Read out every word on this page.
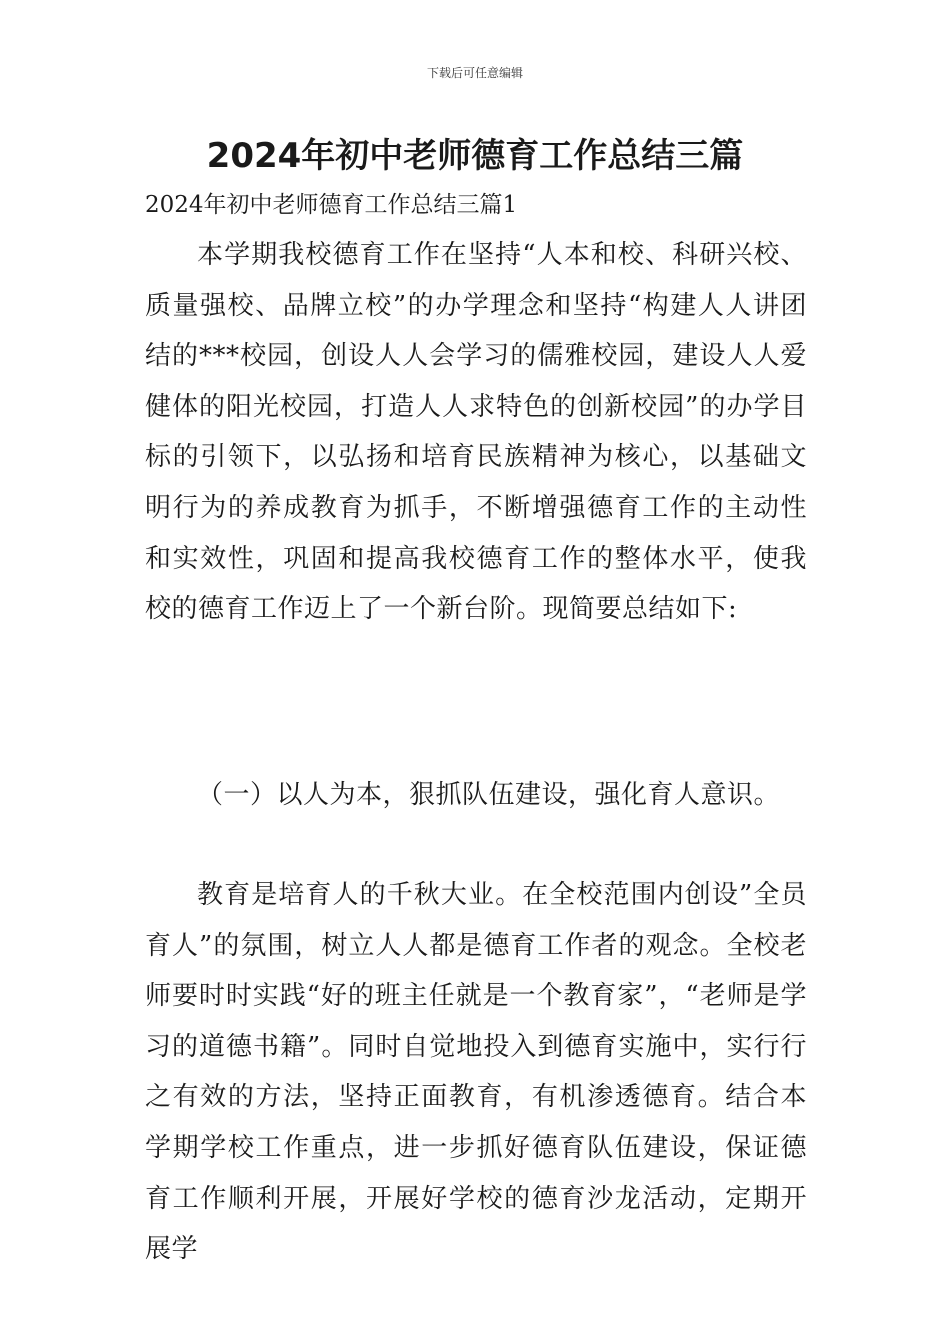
下载后可任意编辑
2024年初中老师德育工作总结三篇

2024年初中老师德育工作总结三篇1

本学期我校德育工作在坚持“人本和校、科研兴校、质量强校、品牌立校”的办学理念和坚持“构建人人讲团结的***校园，创设人人会学习的儒雅校园，建设人人爱健体的阳光校园，打造人人求特色的创新校园”的办学目标的引领下，以弘扬和培育民族精神为核心，以基础文明行为的养成教育为抓手，不断增强德育工作的主动性和实效性，巩固和提高我校德育工作的整体水平，使我校的德育工作迈上了一个新台阶。现简要总结如下:

（一）以人为本，狠抓队伍建设，强化育人意识。

教育是培育人的千秋大业。在全校范围内创设”全员育人”的氛围，树立人人都是德育工作者的观念。全校老师要时时实践“好的班主任就是一个教育家”，“老师是学习的道德书籍”。同时自觉地投入到德育实施中，实行行之有效的方法，坚持正面教育，有机渗透德育。结合本学期学校工作重点，进一步抓好德育队伍建设，保证德育工作顺利开展，开展好学校的德育沙龙活动，定期开展学
